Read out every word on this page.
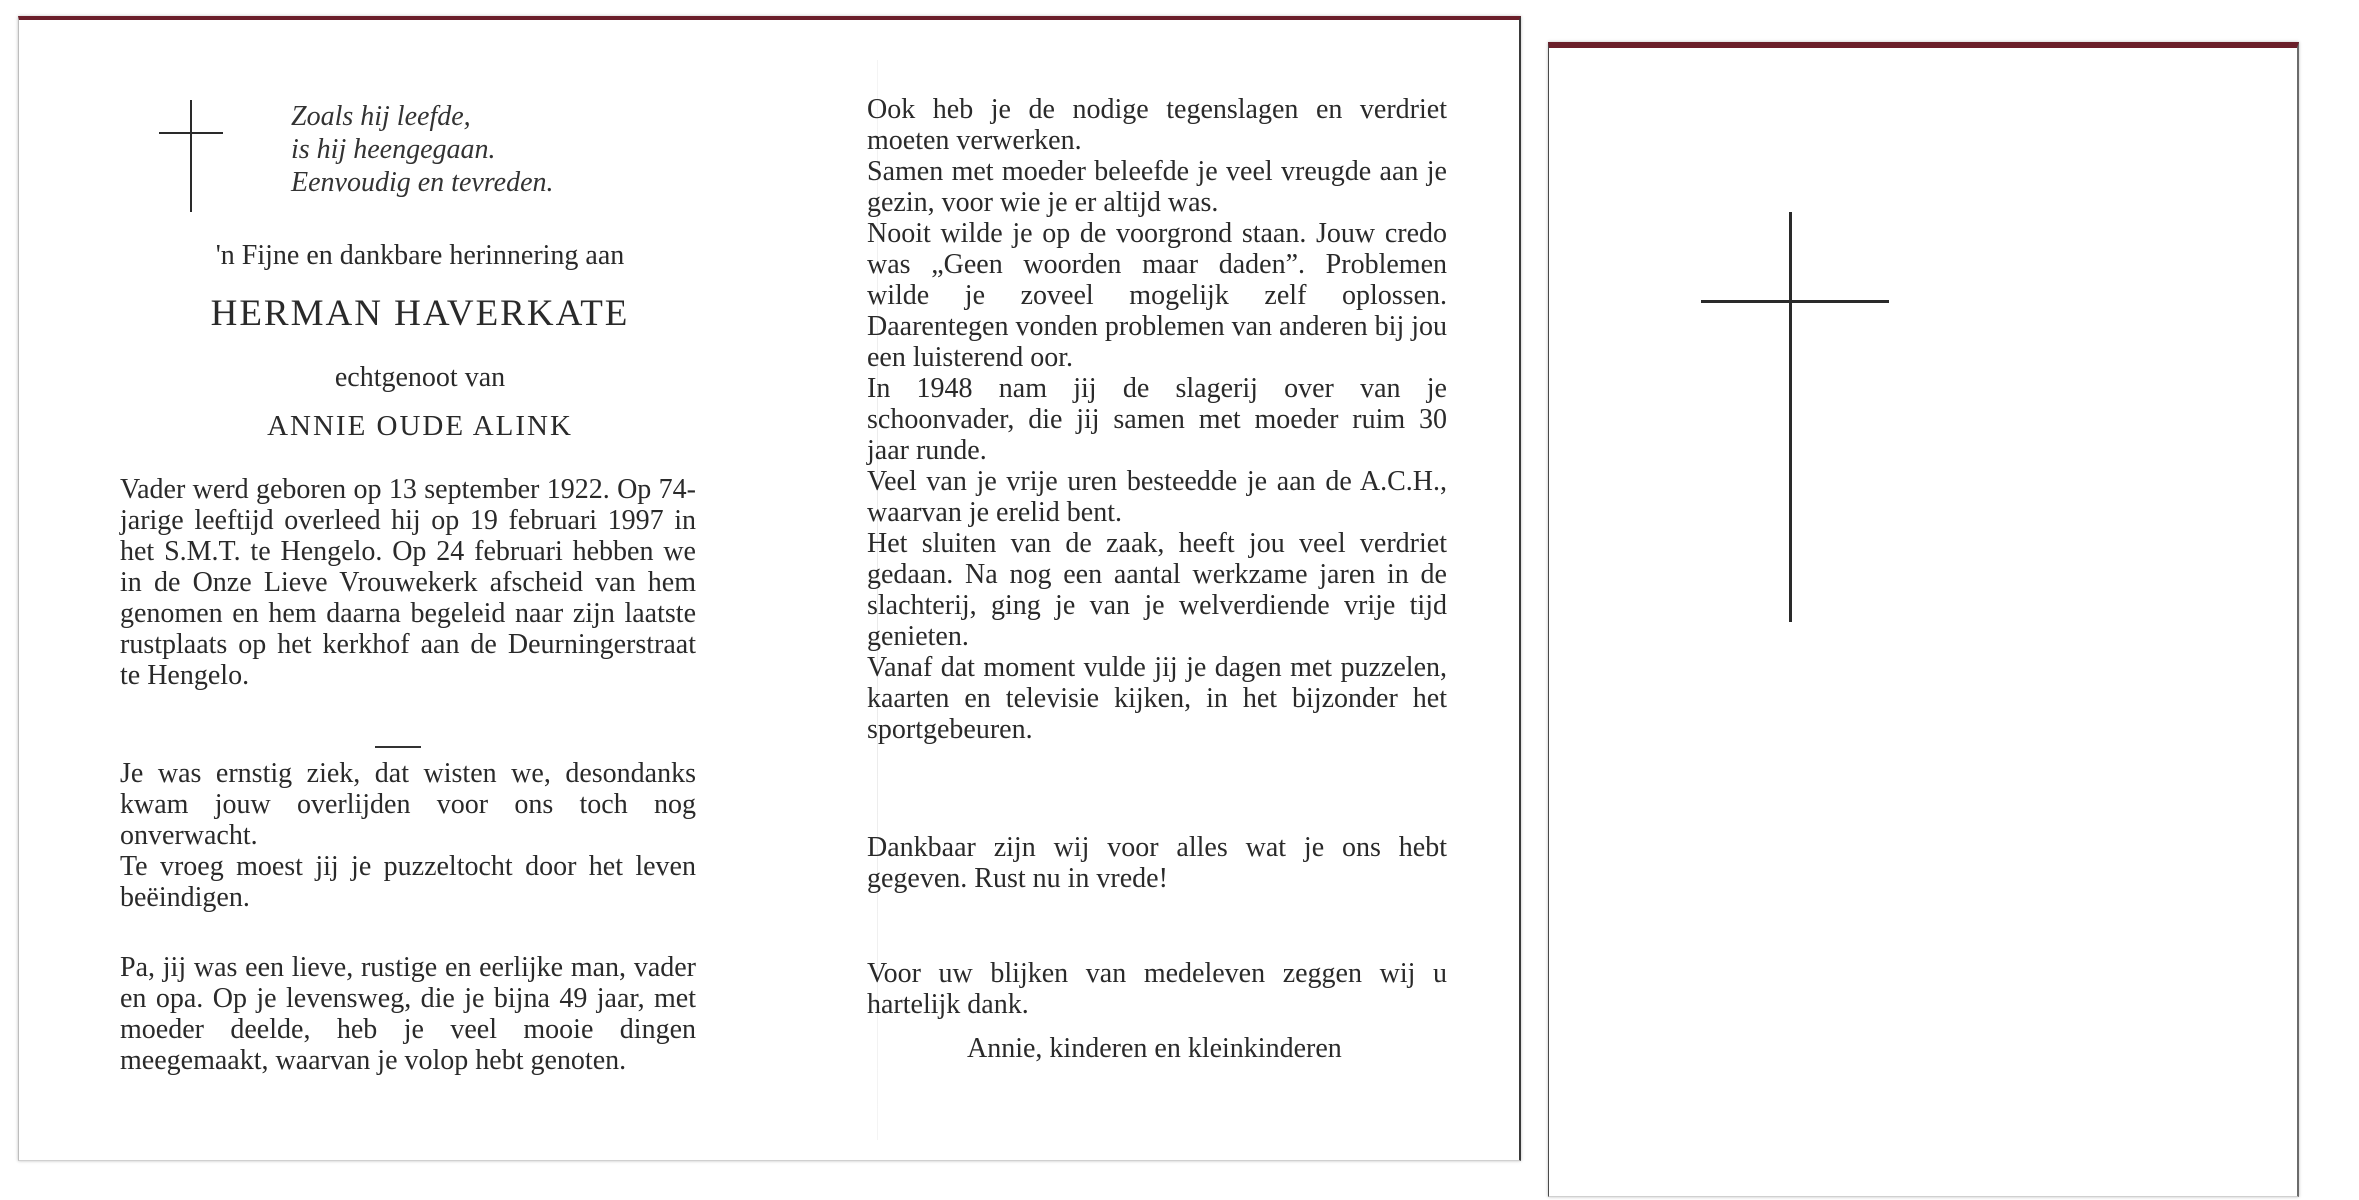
Zoals hij leefde,
is hij heengegaan.
Eenvoudig en tevreden.
'n Fijne en dankbare herinnering aan
HERMAN HAVERKATE
echtgenoot van
ANNIE OUDE ALINK

Vader werd geboren op 13 september 1922. Op 74-jarige leeftijd overleed hij op 19 februari 1997 in het S.M.T. te Hengelo. Op 24 februari hebben we in de Onze Lieve Vrouwekerk afscheid van hem genomen en hem daarna begeleid naar zijn laatste rustplaats op het kerkhof aan de Deurningerstraat te Hengelo.

Je was ernstig ziek, dat wisten we, desondanks kwam jouw overlijden voor ons toch nog onverwacht.

Te vroeg moest jij je puzzeltocht door het leven beëindigen.

Pa, jij was een lieve, rustige en eerlijke man, vader en opa. Op je levensweg, die je bijna 49 jaar, met moeder deelde, heb je veel mooie dingen meegemaakt, waarvan je volop hebt genoten.

Ook heb je de nodige tegenslagen en verdriet moeten verwerken.

Samen met moeder beleefde je veel vreugde aan je gezin, voor wie je er altijd was.

Nooit wilde je op de voorgrond staan. Jouw credo was „Geen woorden maar daden”. Problemen wilde je zoveel mogelijk zelf oplossen. Daarentegen vonden problemen van anderen bij jou een luisterend oor.

In 1948 nam jij de slagerij over van je schoonvader, die jij samen met moeder ruim 30 jaar runde.

Veel van je vrije uren besteedde je aan de A.C.H., waarvan je erelid bent.

Het sluiten van de zaak, heeft jou veel verdriet gedaan. Na nog een aantal werkzame jaren in de slachterij, ging je van je welverdiende vrije tijd genieten.

Vanaf dat moment vulde jij je dagen met puzzelen, kaarten en televisie kijken, in het bijzonder het sportgebeuren.

Dankbaar zijn wij voor alles wat je ons hebt gegeven. Rust nu in vrede!

Voor uw blijken van medeleven zeggen wij u hartelijk dank.

Annie, kinderen en kleinkinderen
